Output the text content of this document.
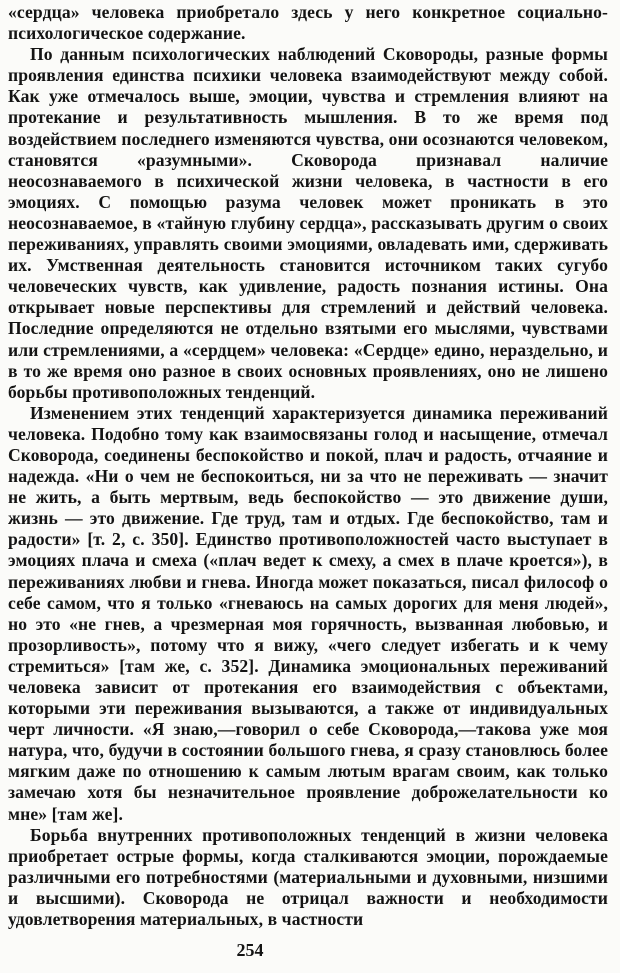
«сердца» человека приобретало здесь у него конкретное социально-психологическое содержание.

По данным психологических наблюдений Сковороды, разные формы проявления единства психики человека взаимодействуют между собой. Как уже отмечалось выше, эмоции, чувства и стремления влияют на протекание и результативность мышления. В то же время под воздействием последнего изменяются чувства, они осознаются человеком, становятся «разумными». Сковорода признавал наличие неосознаваемого в психической жизни человека, в частности в его эмоциях. С помощью разума человек может проникать в это неосознаваемое, в «тайную глубину сердца», рассказывать другим о своих переживаниях, управлять своими эмоциями, овладевать ими, сдерживать их. Умственная деятельность становится источником таких сугубо человеческих чувств, как удивление, радость познания истины. Она открывает новые перспективы для стремлений и действий человека. Последние определяются не отдельно взятыми его мыслями, чувствами или стремлениями, а «сердцем» человека: «Сердце» едино, нераздельно, и в то же время оно разное в своих основных проявлениях, оно не лишено борьбы противоположных тенденций.

Изменением этих тенденций характеризуется динамика переживаний человека. Подобно тому как взаимосвязаны голод и насыщение, отмечал Сковорода, соединены беспокойство и покой, плач и радость, отчаяние и надежда. «Ни о чем не беспокоиться, ни за что не переживать — значит не жить, а быть мертвым, ведь беспокойство — это движение души, жизнь — это движение. Где труд, там и отдых. Где беспокойство, там и радости» [т. 2, с. 350]. Единство противоположностей часто выступает в эмоциях плача и смеха («плач ведет к смеху, а смех в плаче кроется»), в переживаниях любви и гнева. Иногда может показаться, писал философ о себе самом, что я только «гневаюсь на самых дорогих для меня людей», но это «не гнев, а чрезмерная моя горячность, вызванная любовью, и прозорливость», потому что я вижу, «чего следует избегать и к чему стремиться» [там же, с. 352]. Динамика эмоциональных переживаний человека зависит от протекания его взаимодействия с объектами, которыми эти переживания вызываются, а также от индивидуальных черт личности. «Я знаю,—говорил о себе Сковорода,—такова уже моя натура, что, будучи в состоянии большого гнева, я сразу становлюсь более мягким даже по отношению к самым лютым врагам своим, как только замечаю хотя бы незначительное проявление доброжелательности ко мне» [там же].

Борьба внутренних противоположных тенденций в жизни человека приобретает острые формы, когда сталкиваются эмоции, порождаемые различными его потребностями (материальными и духовными, низшими и высшими). Сковорода не отрицал важности и необходимости удовлетворения материальных, в частности

254
